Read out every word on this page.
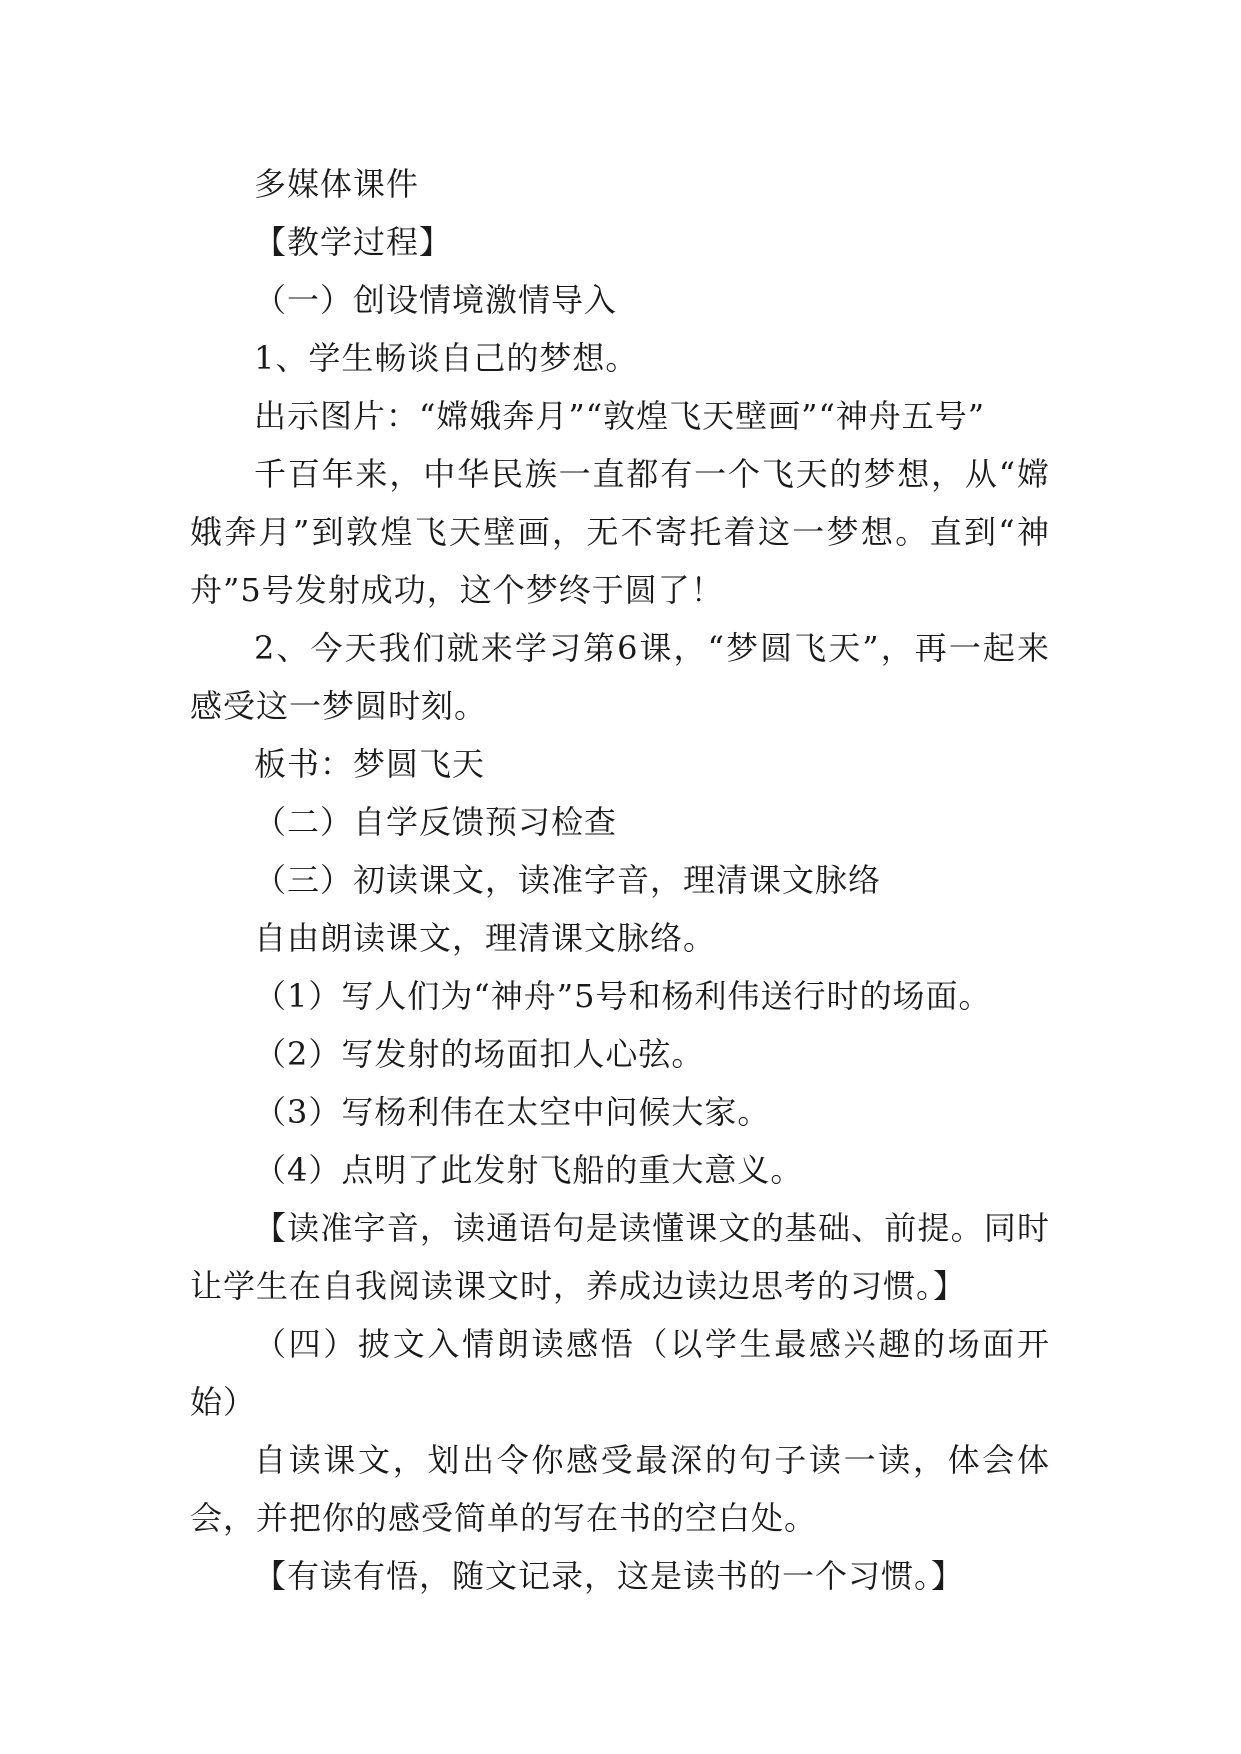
多媒体课件

【教学过程】

（一）创设情境激情导入

1、学生畅谈自己的梦想。

出示图片：“嫦娥奔月”“敦煌飞天壁画”“神舟五号”

千百年来，中华民族一直都有一个飞天的梦想，从“嫦娥奔月”到敦煌飞天壁画，无不寄托着这一梦想。直到“神舟”5号发射成功，这个梦终于圆了！

2、今天我们就来学习第6课，“梦圆飞天”，再一起来感受这一梦圆时刻。

板书：梦圆飞天

（二）自学反馈预习检查

（三）初读课文，读准字音，理清课文脉络

自由朗读课文，理清课文脉络。

（1）写人们为“神舟”5号和杨利伟送行时的场面。

（2）写发射的场面扣人心弦。

（3）写杨利伟在太空中问候大家。

（4）点明了此发射飞船的重大意义。

【读准字音，读通语句是读懂课文的基础、前提。同时让学生在自我阅读课文时，养成边读边思考的习惯。】

（四）披文入情朗读感悟（以学生最感兴趣的场面开始）

自读课文，划出令你感受最深的句子读一读，体会体会，并把你的感受简单的写在书的空白处。

【有读有悟，随文记录，这是读书的一个习惯。】
